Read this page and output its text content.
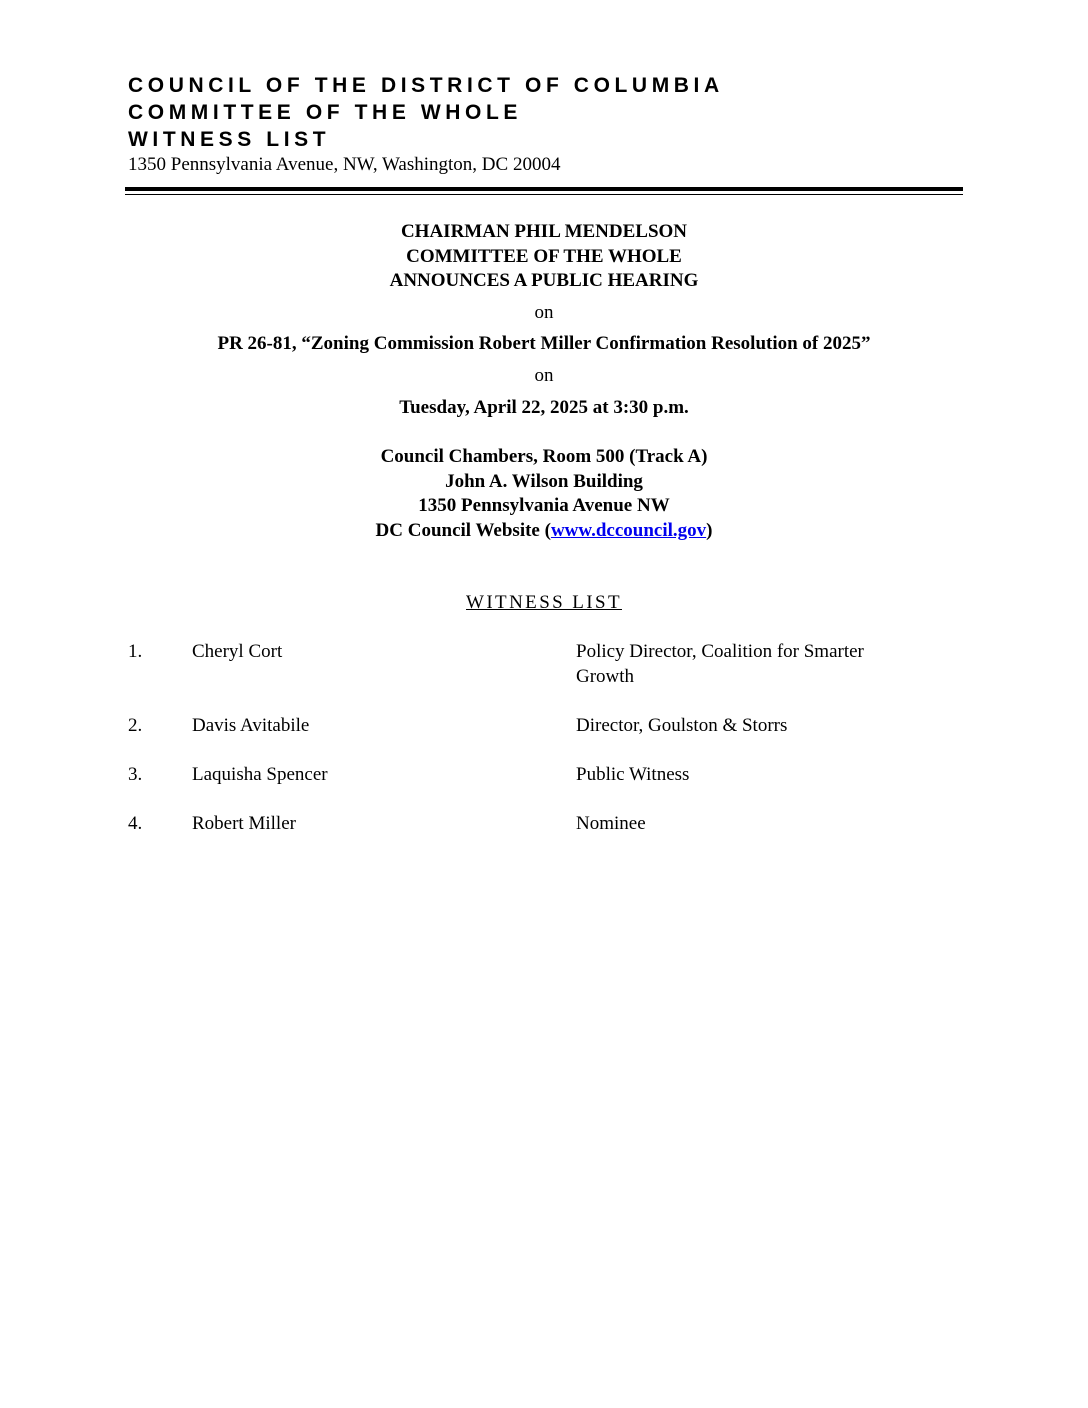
COUNCIL OF THE DISTRICT OF COLUMBIA
COMMITTEE OF THE WHOLE
WITNESS LIST
1350 Pennsylvania Avenue, NW, Washington, DC 20004
CHAIRMAN PHIL MENDELSON
COMMITTEE OF THE WHOLE
ANNOUNCES A PUBLIC HEARING
on
PR 26-81, “Zoning Commission Robert Miller Confirmation Resolution of 2025”
on
Tuesday, April 22, 2025 at 3:30 p.m.
Council Chambers, Room 500 (Track A)
John A. Wilson Building
1350 Pennsylvania Avenue NW
DC Council Website (www.dccouncil.gov)
WITNESS LIST
1.	Cheryl Cort	Policy Director, Coalition for Smarter Growth
2.	Davis Avitabile	Director, Goulston & Storrs
3.	Laquisha Spencer	Public Witness
4.	Robert Miller	Nominee
